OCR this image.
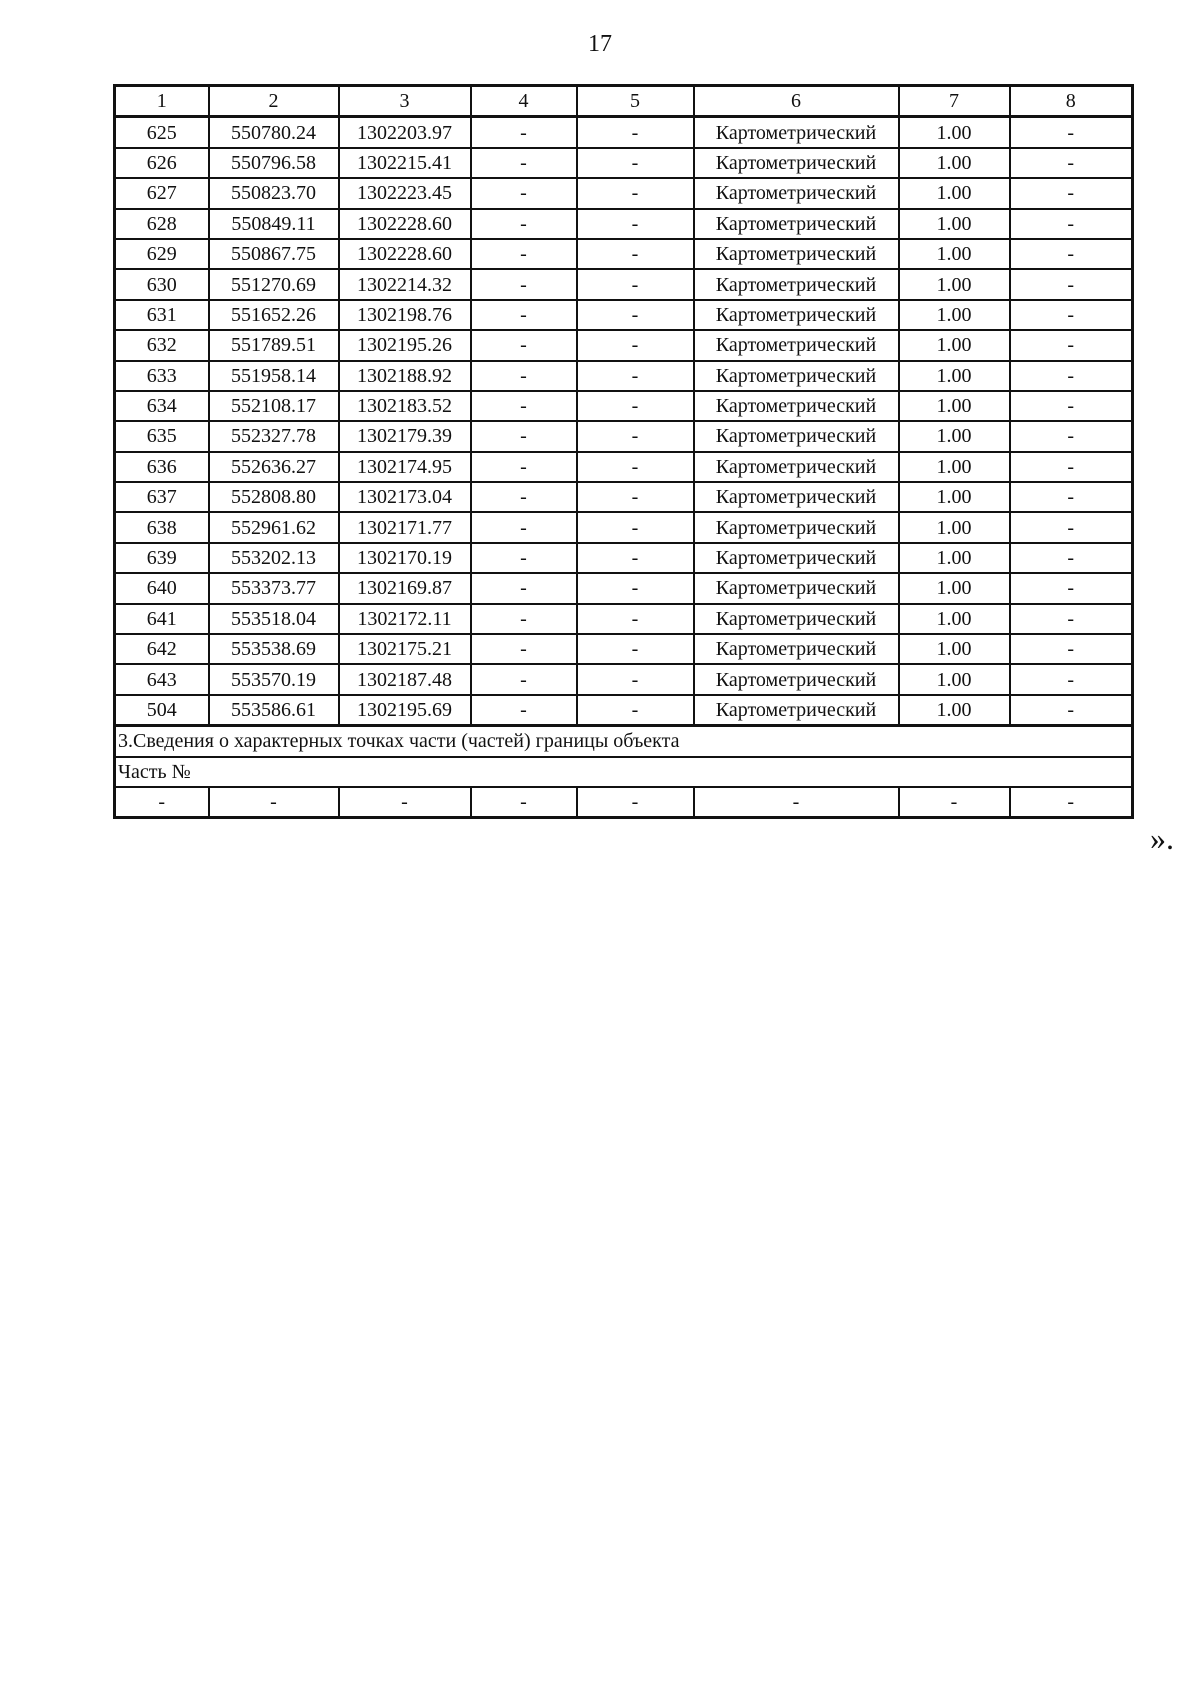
17
1	2	3	4	5	6	7	8
625	550780.24	1302203.97	-	-	Картометрический	1.00	-
626	550796.58	1302215.41	-	-	Картометрический	1.00	-
627	550823.70	1302223.45	-	-	Картометрический	1.00	-
628	550849.11	1302228.60	-	-	Картометрический	1.00	-
629	550867.75	1302228.60	-	-	Картометрический	1.00	-
630	551270.69	1302214.32	-	-	Картометрический	1.00	-
631	551652.26	1302198.76	-	-	Картометрический	1.00	-
632	551789.51	1302195.26	-	-	Картометрический	1.00	-
633	551958.14	1302188.92	-	-	Картометрический	1.00	-
634	552108.17	1302183.52	-	-	Картометрический	1.00	-
635	552327.78	1302179.39	-	-	Картометрический	1.00	-
636	552636.27	1302174.95	-	-	Картометрический	1.00	-
637	552808.80	1302173.04	-	-	Картометрический	1.00	-
638	552961.62	1302171.77	-	-	Картометрический	1.00	-
639	553202.13	1302170.19	-	-	Картометрический	1.00	-
640	553373.77	1302169.87	-	-	Картометрический	1.00	-
641	553518.04	1302172.11	-	-	Картометрический	1.00	-
642	553538.69	1302175.21	-	-	Картометрический	1.00	-
643	553570.19	1302187.48	-	-	Картометрический	1.00	-
504	553586.61	1302195.69	-	-	Картометрический	1.00	-
3.Сведения о характерных точках части (частей) границы объекта							
Часть №							
-	-	-	-	-	-	-	-
».
